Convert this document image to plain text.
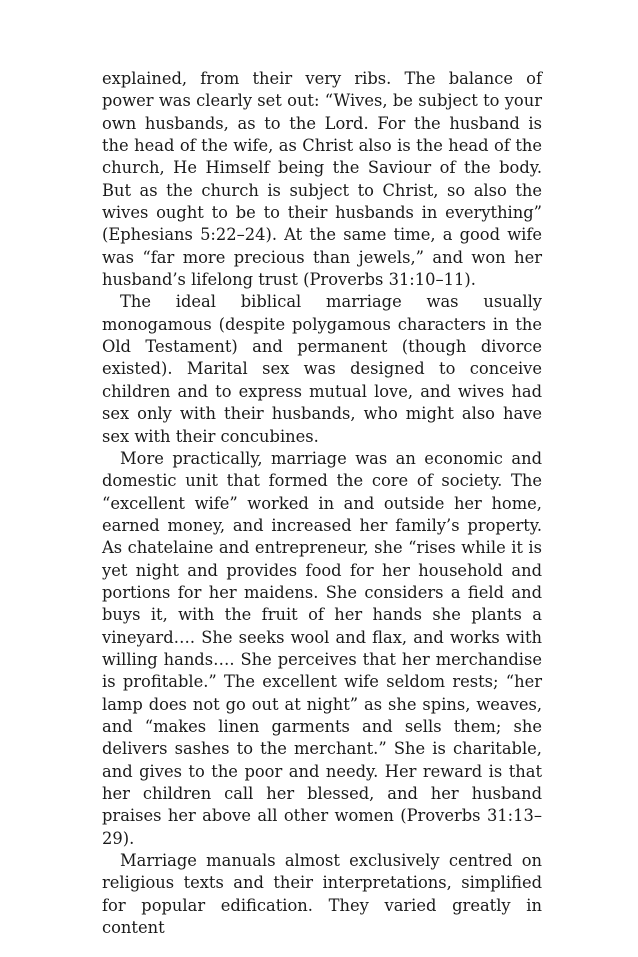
explained, from their very ribs. The balance of power was clearly set out: “Wives, be subject to your own husbands, as to the Lord. For the husband is the head of the wife, as Christ also is the head of the church, He Himself being the Saviour of the body. But as the church is subject to Christ, so also the wives ought to be to their husbands in everything” (Ephesians 5:22–24). At the same time, a good wife was “far more precious than jewels,” and won her husband’s lifelong trust (Proverbs 31:10–11).

The ideal biblical marriage was usually monogamous (despite polygamous characters in the Old Testament) and permanent (though divorce existed). Marital sex was designed to conceive children and to express mutual love, and wives had sex only with their husbands, who might also have sex with their concubines.

More practically, marriage was an economic and domestic unit that formed the core of society. The “excellent wife” worked in and outside her home, earned money, and increased her family’s property. As chatelaine and entrepreneur, she “rises while it is yet night and provides food for her household and portions for her maidens. She considers a field and buys it, with the fruit of her hands she plants a vineyard…. She seeks wool and flax, and works with willing hands…. She perceives that her merchandise is profitable.” The excellent wife seldom rests; “her lamp does not go out at night” as she spins, weaves, and “makes linen garments and sells them; she delivers sashes to the merchant.” She is charitable, and gives to the poor and needy. Her reward is that her children call her blessed, and her husband praises her above all other women (Proverbs 31:13–29).

Marriage manuals almost exclusively centred on religious texts and their interpretations, simplified for popular edification. They varied greatly in content
